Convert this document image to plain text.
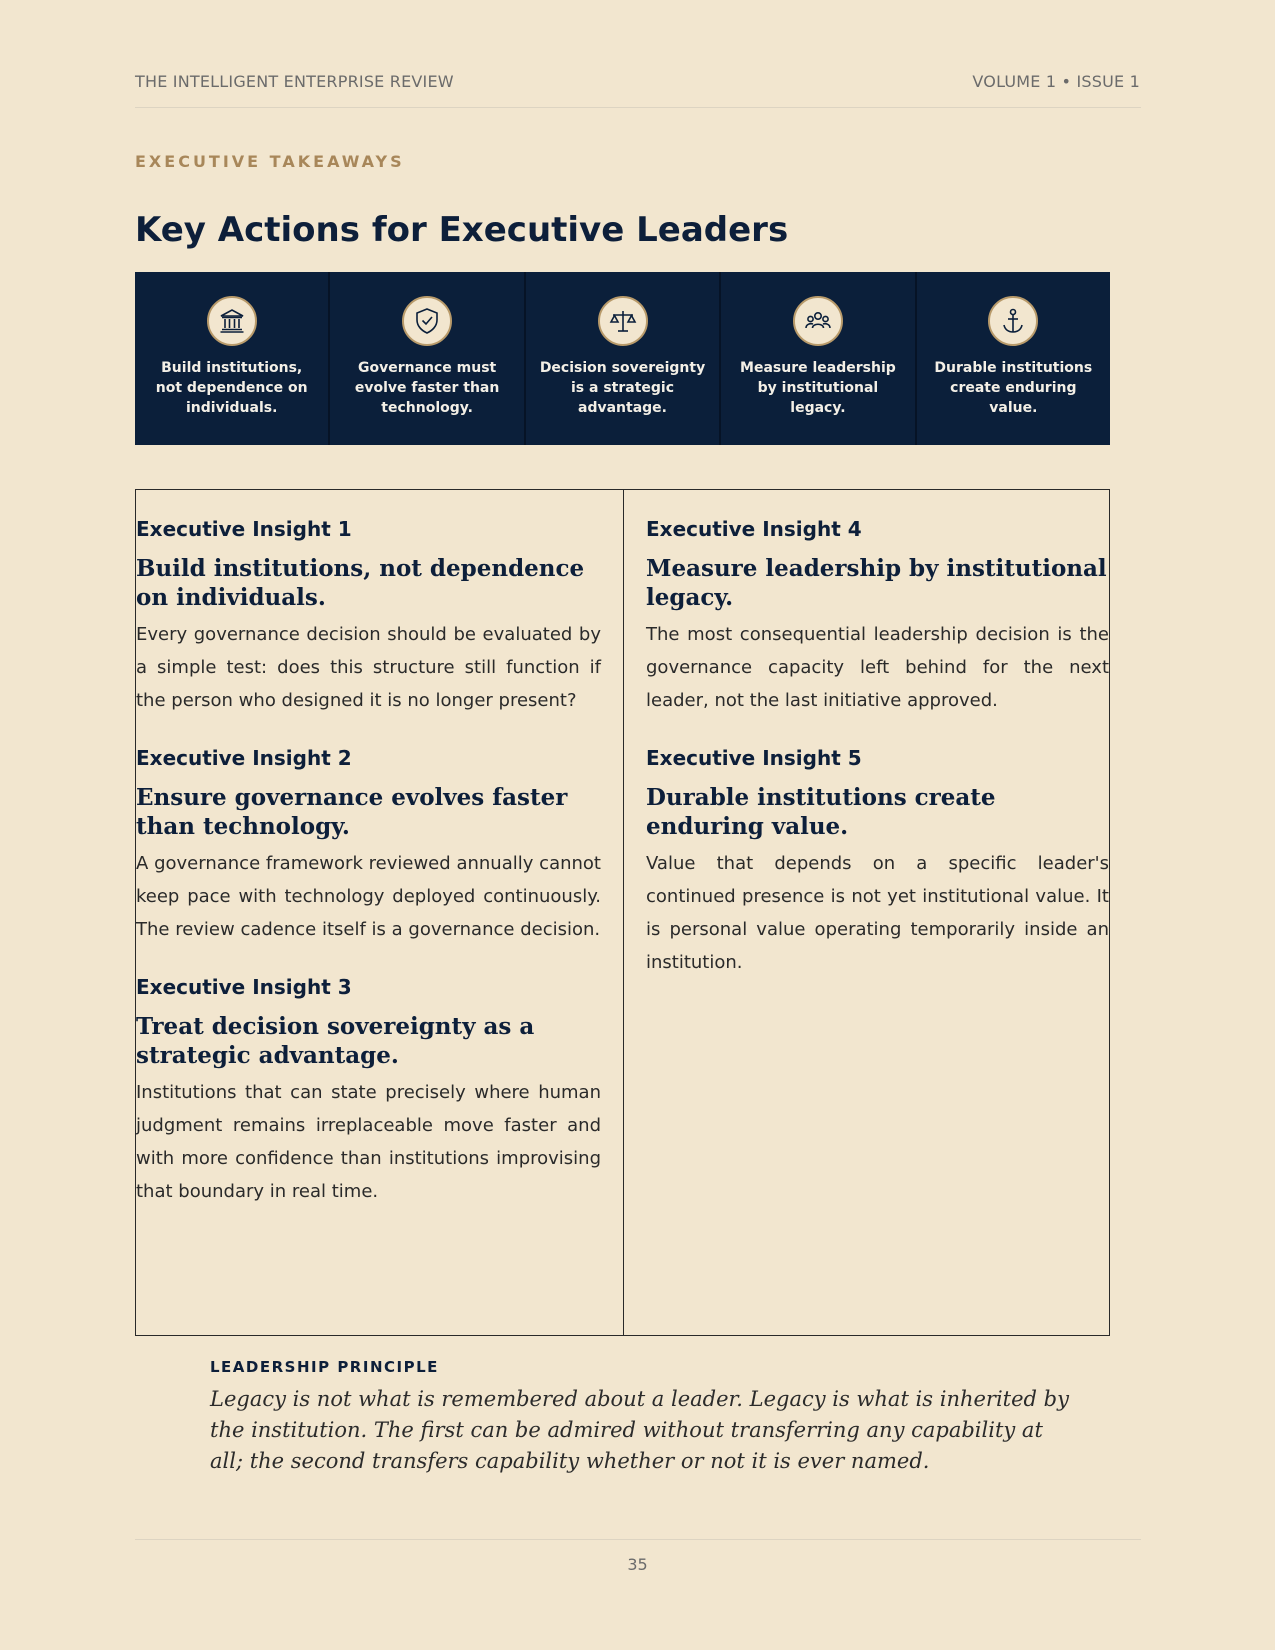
THE INTELLIGENT ENTERPRISE REVIEW	VOLUME 1 • ISSUE 1
EXECUTIVE TAKEAWAYS
Key Actions for Executive Leaders
Build institutions, not dependence on individuals.
Governance must evolve faster than technology.
Decision sovereignty is a strategic advantage.
Measure leadership by institutional legacy.
Durable institutions create enduring value.
Executive Insight 1
Build institutions, not dependence on individuals.

Every governance decision should be evaluated by a simple test: does this structure still function if the person who designed it is no longer present?

Executive Insight 2
Ensure governance evolves faster than technology.

A governance framework reviewed annually cannot keep pace with technology deployed continuously. The review cadence itself is a governance decision.

Executive Insight 3
Treat decision sovereignty as a strategic advantage.

Institutions that can state precisely where human judgment remains irreplaceable move faster and with more confidence than institutions improvising that boundary in real time.

Executive Insight 4
Measure leadership by institutional legacy.

The most consequential leadership decision is the governance capacity left behind for the next leader, not the last initiative approved.

Executive Insight 5
Durable institutions create enduring value.

Value that depends on a specific leader's continued presence is not yet institutional value. It is personal value operating temporarily inside an institution.

LEADERSHIP PRINCIPLE

Legacy is not what is remembered about a leader. Legacy is what is inherited by the institution. The first can be admired without transferring any capability at all; the second transfers capability whether or not it is ever named.

35
